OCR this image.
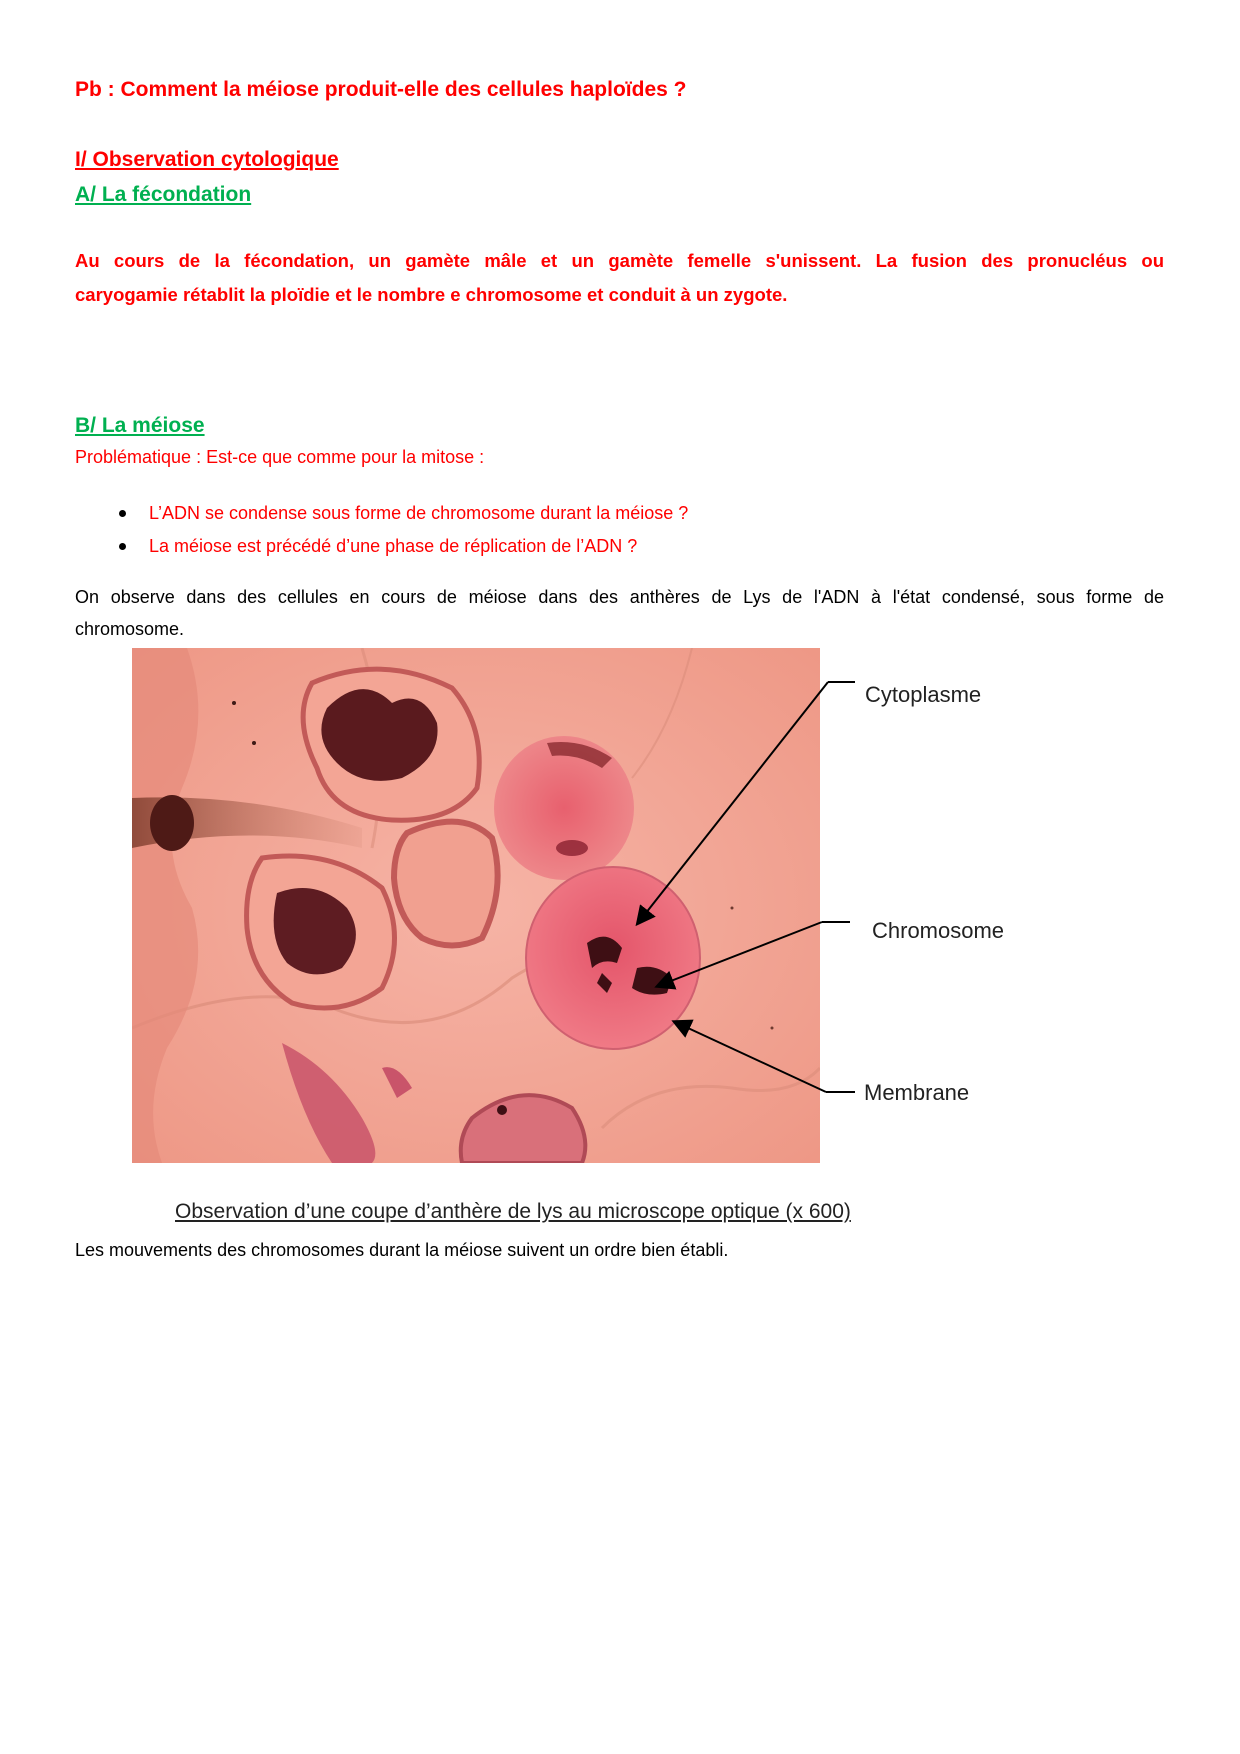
Pb : Comment la méiose produit-elle des cellules haploïdes ?
I/ Observation cytologique
A/ La fécondation
Au cours de la fécondation, un gamète mâle et un gamète femelle s'unissent. La fusion des pronucléus ou
caryogamie rétablit la ploïdie et le nombre e chromosome et conduit à un zygote.
B/ La méiose
Problématique : Est-ce que comme pour la mitose :
L’ADN se condense sous forme de chromosome durant la méiose ?
La méiose est précédé d’une phase de réplication de l’ADN ?
On observe dans des cellules en cours de méiose dans des anthères de Lys de l'ADN à l'état condensé, sous forme de
chromosome.
Cytoplasme
Chromosome
Membrane
Observation d’une coupe d’anthère de lys au microscope optique (x 600)
Les mouvements des chromosomes durant la méiose suivent un ordre bien établi.
